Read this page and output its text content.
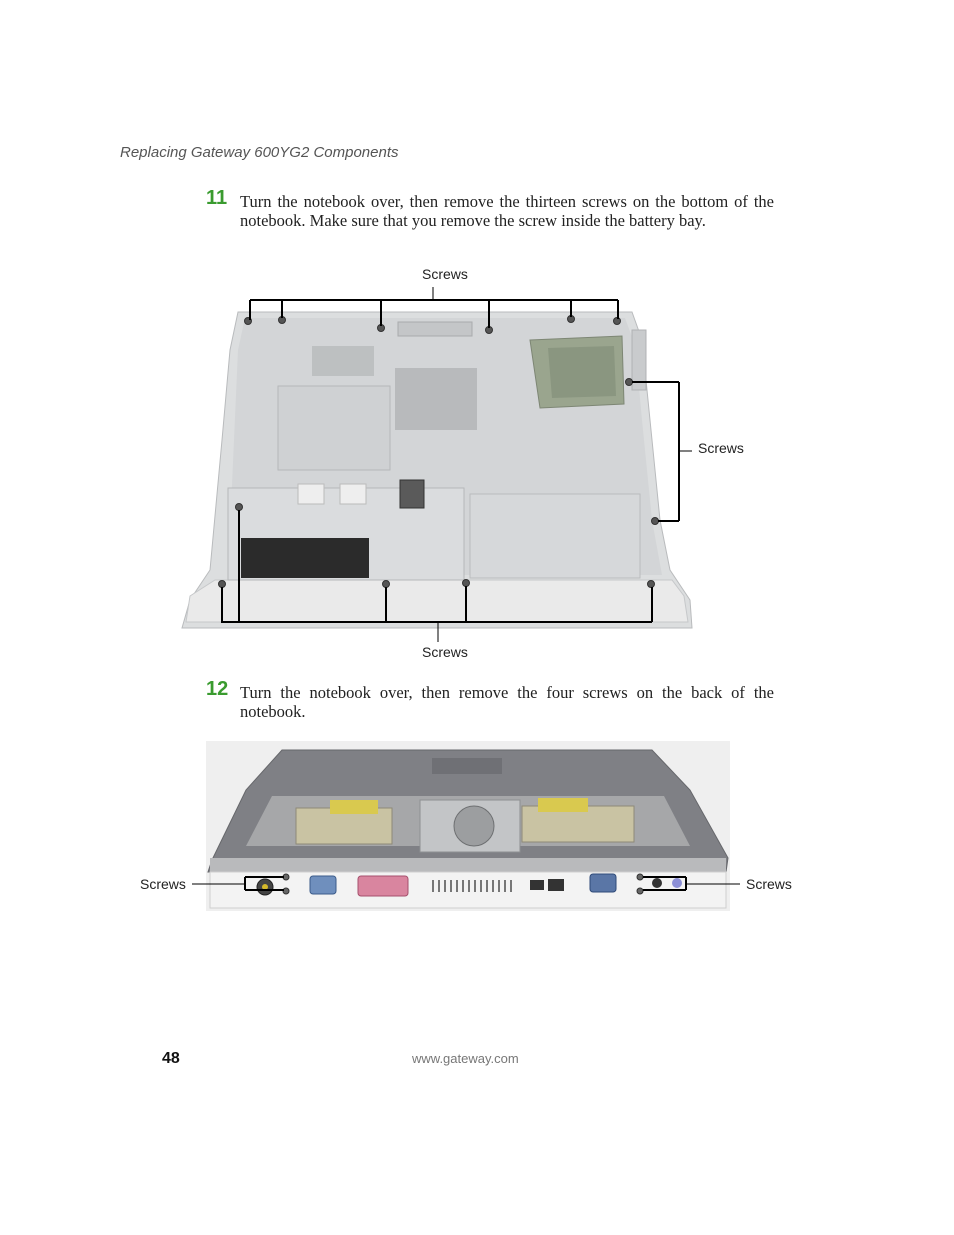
Replacing Gateway 600YG2 Components
11 Turn the notebook over, then remove the thirteen screws on the bottom of the notebook. Make sure that you remove the screw inside the battery bay.
Screws
Screws
Screws
12 Turn the notebook over, then remove the four screws on the back of the notebook.
Screws	Screws
48	www.gateway.com
